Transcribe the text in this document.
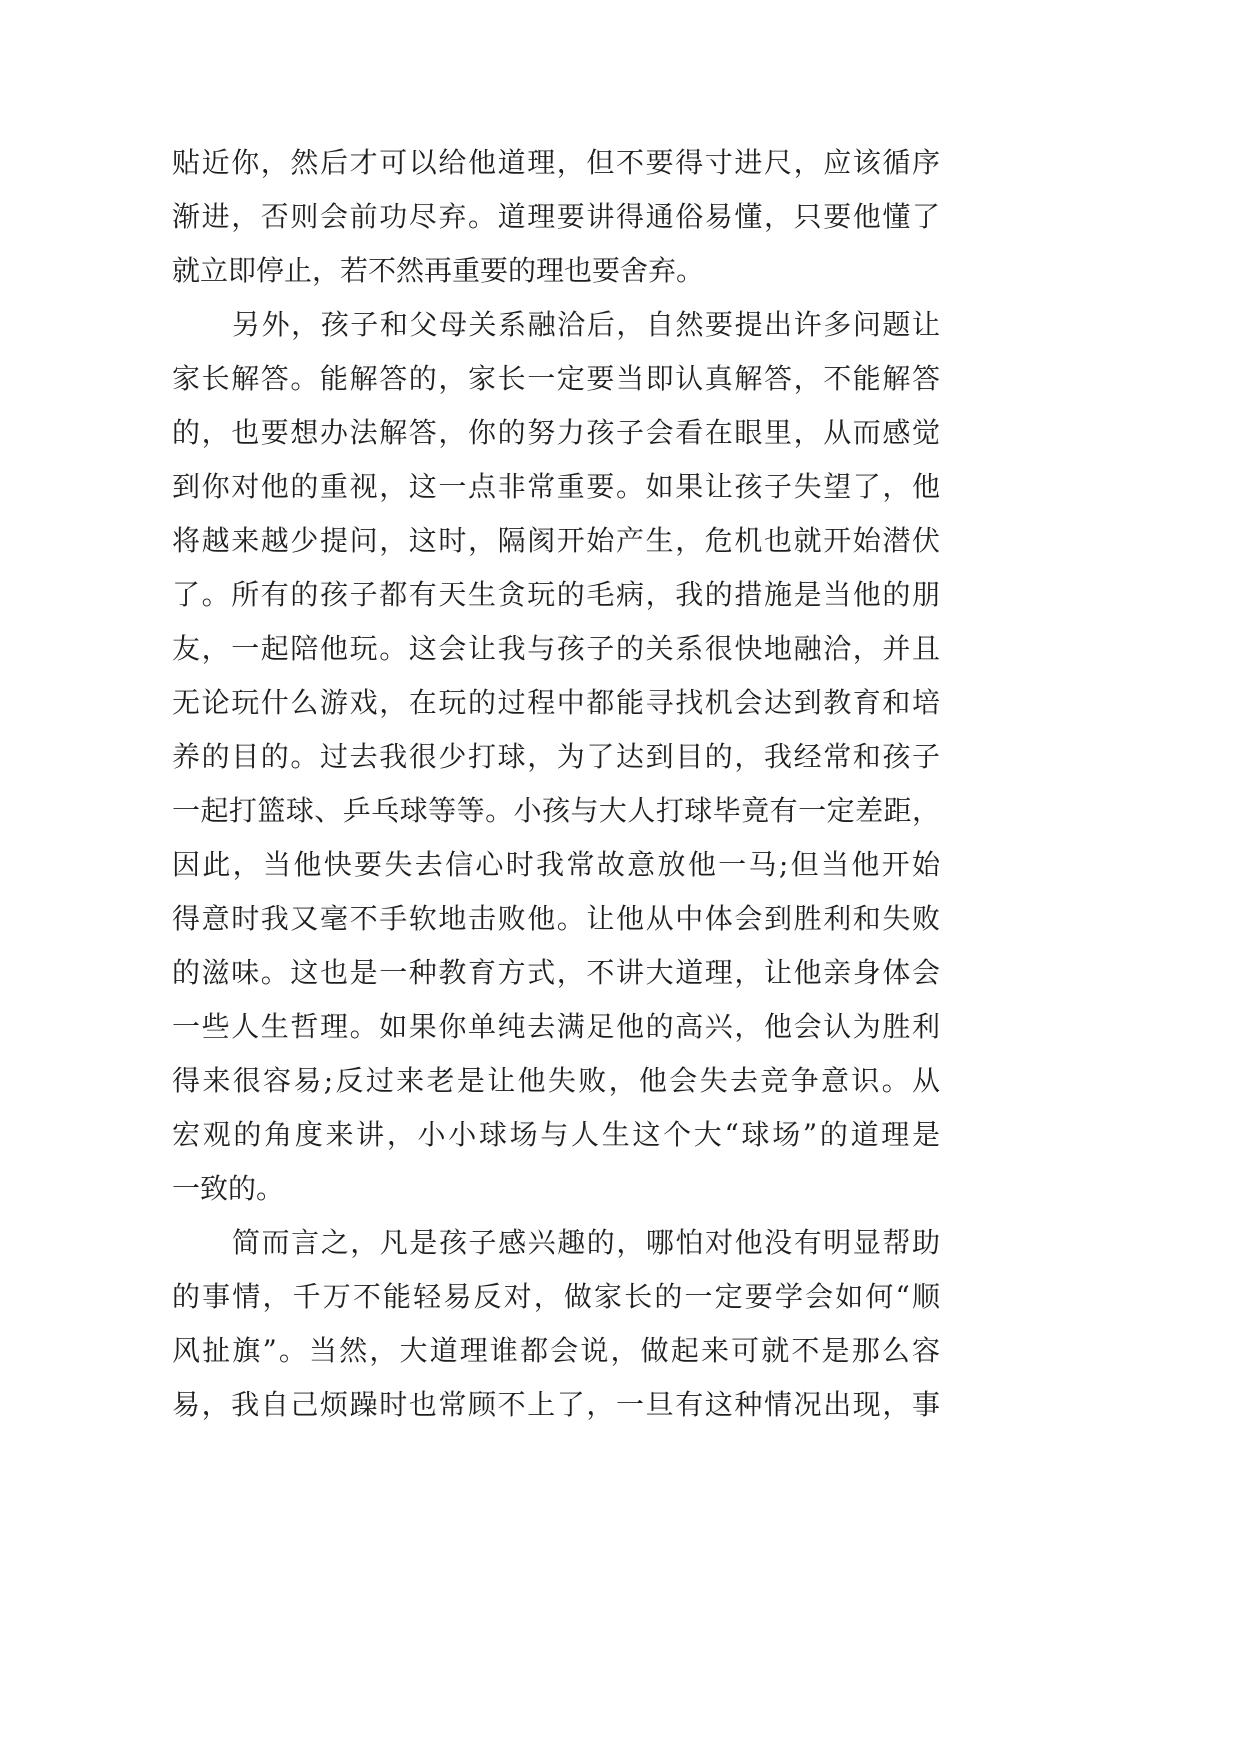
贴近你，然后才可以给他道理，但不要得寸进尺，应该循序
渐进，否则会前功尽弃。道理要讲得通俗易懂，只要他懂了
就立即停止，若不然再重要的理也要舍弃。

另外，孩子和父母关系融洽后，自然要提出许多问题让
家长解答。能解答的，家长一定要当即认真解答，不能解答
的，也要想办法解答，你的努力孩子会看在眼里，从而感觉
到你对他的重视，这一点非常重要。如果让孩子失望了，他
将越来越少提问，这时，隔阂开始产生，危机也就开始潜伏
了。所有的孩子都有天生贪玩的毛病，我的措施是当他的朋
友，一起陪他玩。这会让我与孩子的关系很快地融洽，并且
无论玩什么游戏，在玩的过程中都能寻找机会达到教育和培
养的目的。过去我很少打球，为了达到目的，我经常和孩子
一起打篮球、乒乓球等等。小孩与大人打球毕竟有一定差距，
因此，当他快要失去信心时我常故意放他一马;但当他开始
得意时我又毫不手软地击败他。让他从中体会到胜利和失败
的滋味。这也是一种教育方式，不讲大道理，让他亲身体会
一些人生哲理。如果你单纯去满足他的高兴，他会认为胜利
得来很容易;反过来老是让他失败，他会失去竞争意识。从
宏观的角度来讲，小小球场与人生这个大“球场”的道理是
一致的。

简而言之，凡是孩子感兴趣的，哪怕对他没有明显帮助
的事情，千万不能轻易反对，做家长的一定要学会如何“顺
风扯旗”。当然，大道理谁都会说，做起来可就不是那么容
易，我自己烦躁时也常顾不上了，一旦有这种情况出现，事
